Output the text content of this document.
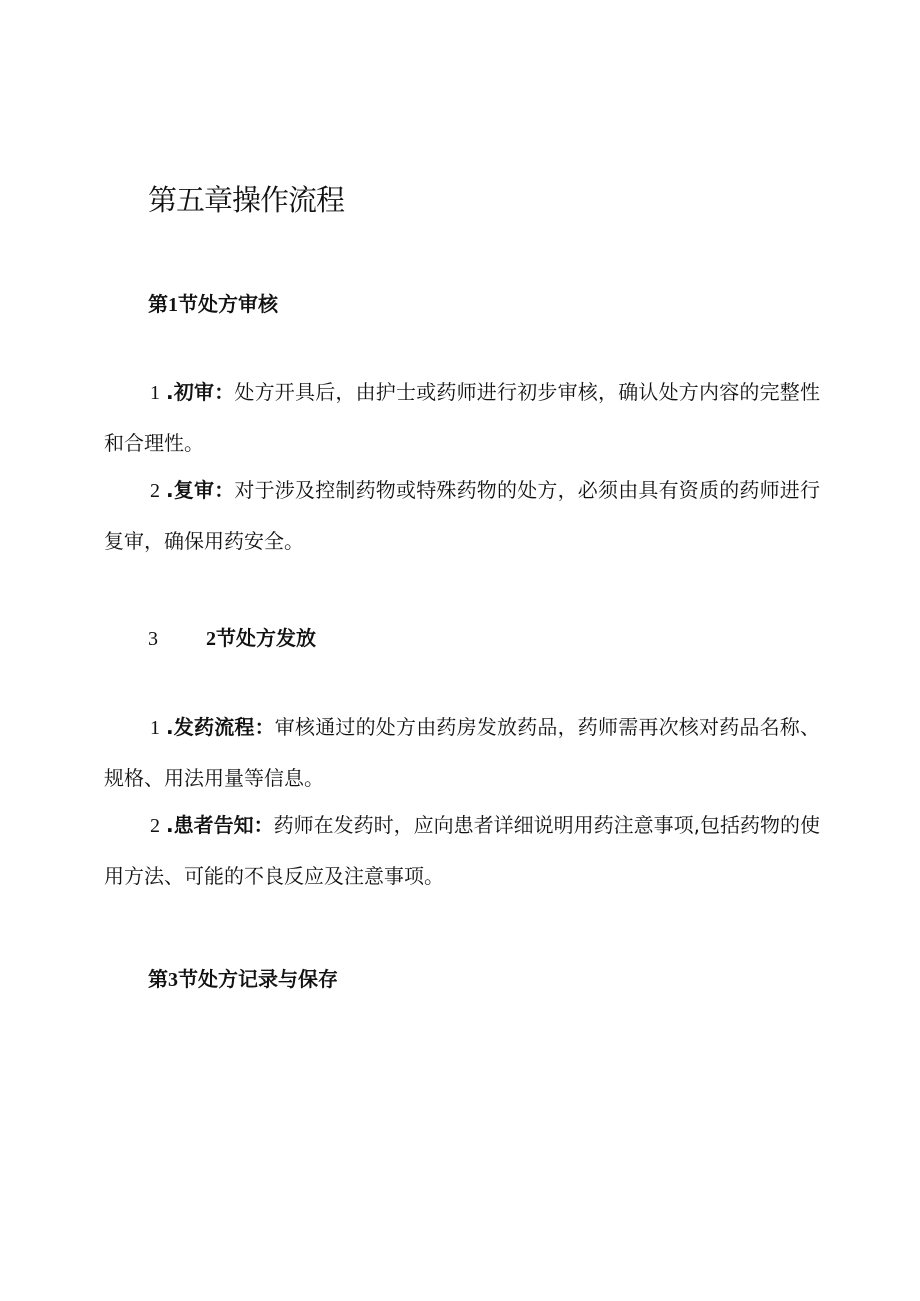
第五章操作流程
第1节处方审核

1.初审：处方开具后，由护士或药师进行初步审核，确认处方内容的完整性和合理性。

2.复审：对于涉及控制药物或特殊药物的处方，必须由具有资质的药师进行复审，确保用药安全。

3 2节处方发放

1.发药流程：审核通过的处方由药房发放药品，药师需再次核对药品名称、规格、用法用量等信息。

2.患者告知：药师在发药时，应向患者详细说明用药注意事项,包括药物的使用方法、可能的不良反应及注意事项。

第3节处方记录与保存
